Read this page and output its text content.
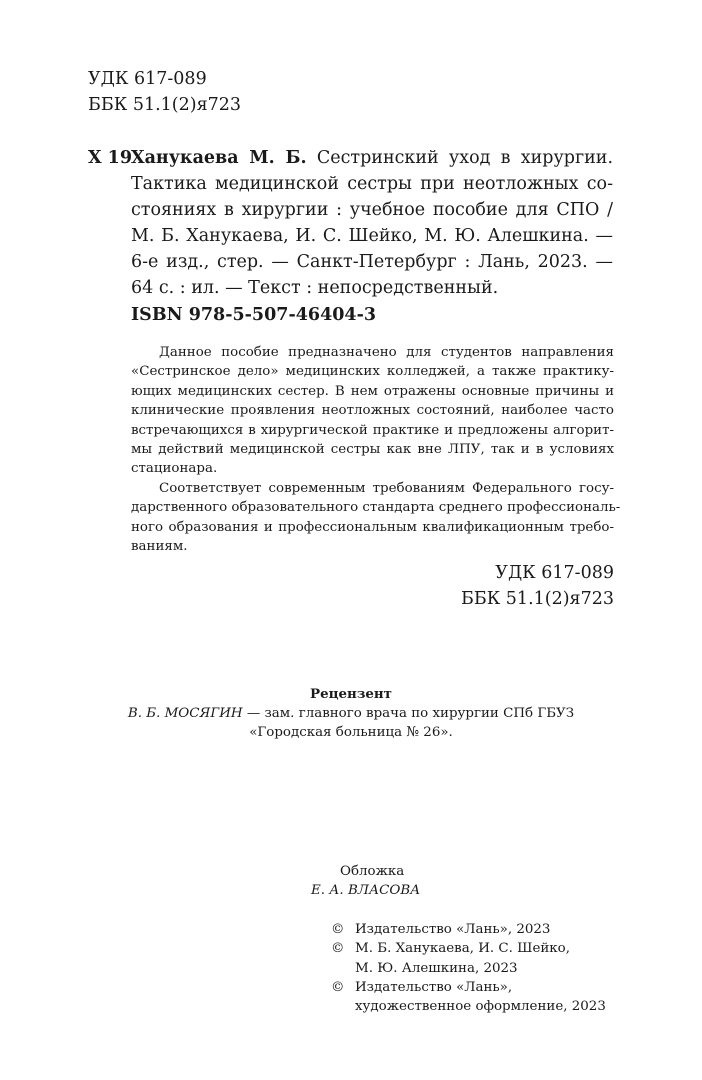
УДК 617-089
ББК 51.1(2)я723
Х 19
Ханукаева М. Б. Сестринский уход в хирургии.
Тактика медицинской сестры при неотложных со-
стояниях в хирургии : учебное пособие для СПО /
М. Б. Ханукаева, И. С. Шейко, М. Ю. Алешкина. —
6-е изд., стер. — Санкт-Петербург : Лань, 2023. —
64 с. : ил. — Текст : непосредственный.
ISBN 978-5-507-46404-3
Данное пособие предназначено для студентов направления
«Сестринское дело» медицинских колледжей, а также практику-
ющих медицинских сестер. В нем отражены основные причины и
клинические проявления неотложных состояний, наиболее часто
встречающихся в хирургической практике и предложены алгорит-
мы действий медицинской сестры как вне ЛПУ, так и в условиях
стационара.
Соответствует современным требованиям Федерального госу-
дарственного образовательного стандарта среднего профессиональ-
ного образования и профессиональным квалификационным требо-
ваниям.
УДК 617-089
ББК 51.1(2)я723
Рецензент
В. Б. МОСЯГИН — зам. главного врача по хирургии СПб ГБУЗ
«Городская больница № 26».
Обложка
Е. А. ВЛАСОВА
© Издательство «Лань», 2023
© М. Б. Ханукаева, И. С. Шейко,
М. Ю. Алешкина, 2023
© Издательство «Лань»,
художественное оформление, 2023
